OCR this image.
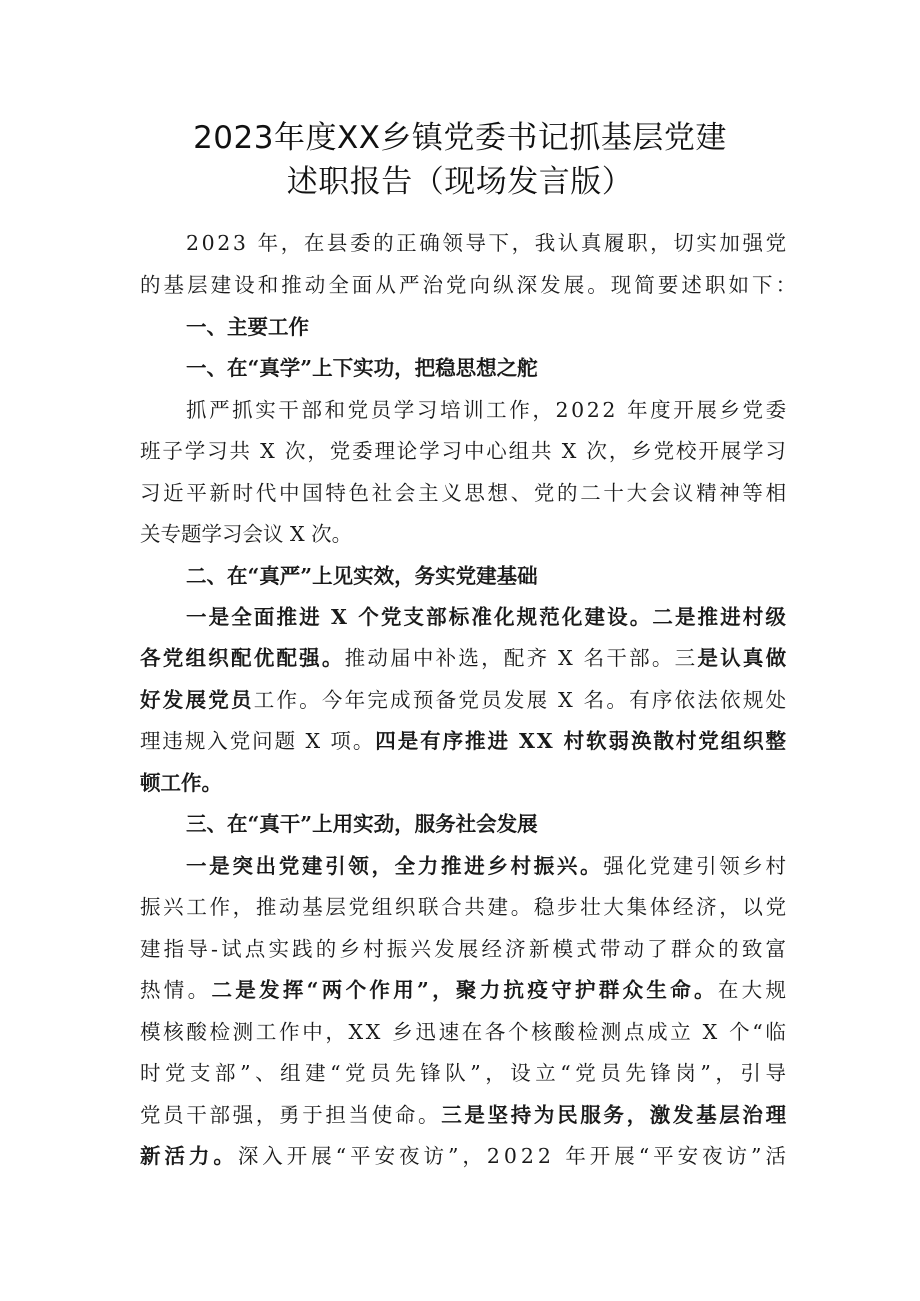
2023年度XX乡镇党委书记抓基层党建
述职报告（现场发言版）
2023 年，在县委的正确领导下，我认真履职，切实加强党
的基层建设和推动全面从严治党向纵深发展。现简要述职如下：
一、主要工作
一、在“真学”上下实功，把稳思想之舵
抓严抓实干部和党员学习培训工作，2022 年度开展乡党委
班子学习共 X 次，党委理论学习中心组共 X 次，乡党校开展学习
习近平新时代中国特色社会主义思想、党的二十大会议精神等相
关专题学习会议 X 次。
二、在“真严”上见实效，务实党建基础
一是全面推进 X 个党支部标准化规范化建设。二是推进村级
各党组织配优配强。推动届中补选，配齐 X 名干部。三是认真做
好发展党员工作。今年完成预备党员发展 X 名。有序依法依规处
理违规入党问题 X 项。四是有序推进 XX 村软弱涣散村党组织整
顿工作。
三、在“真干”上用实劲，服务社会发展
一是突出党建引领，全力推进乡村振兴。强化党建引领乡村
振兴工作，推动基层党组织联合共建。稳步壮大集体经济，以党
建指导-试点实践的乡村振兴发展经济新模式带动了群众的致富
热情。二是发挥“两个作用”，聚力抗疫守护群众生命。在大规
模核酸检测工作中，XX 乡迅速在各个核酸检测点成立 X 个“临
时党支部”、组建“党员先锋队”，设立“党员先锋岗”，引导
党员干部强，勇于担当使命。三是坚持为民服务，激发基层治理
新活力。深入开展“平安夜访”，2022 年开展“平安夜访”活
